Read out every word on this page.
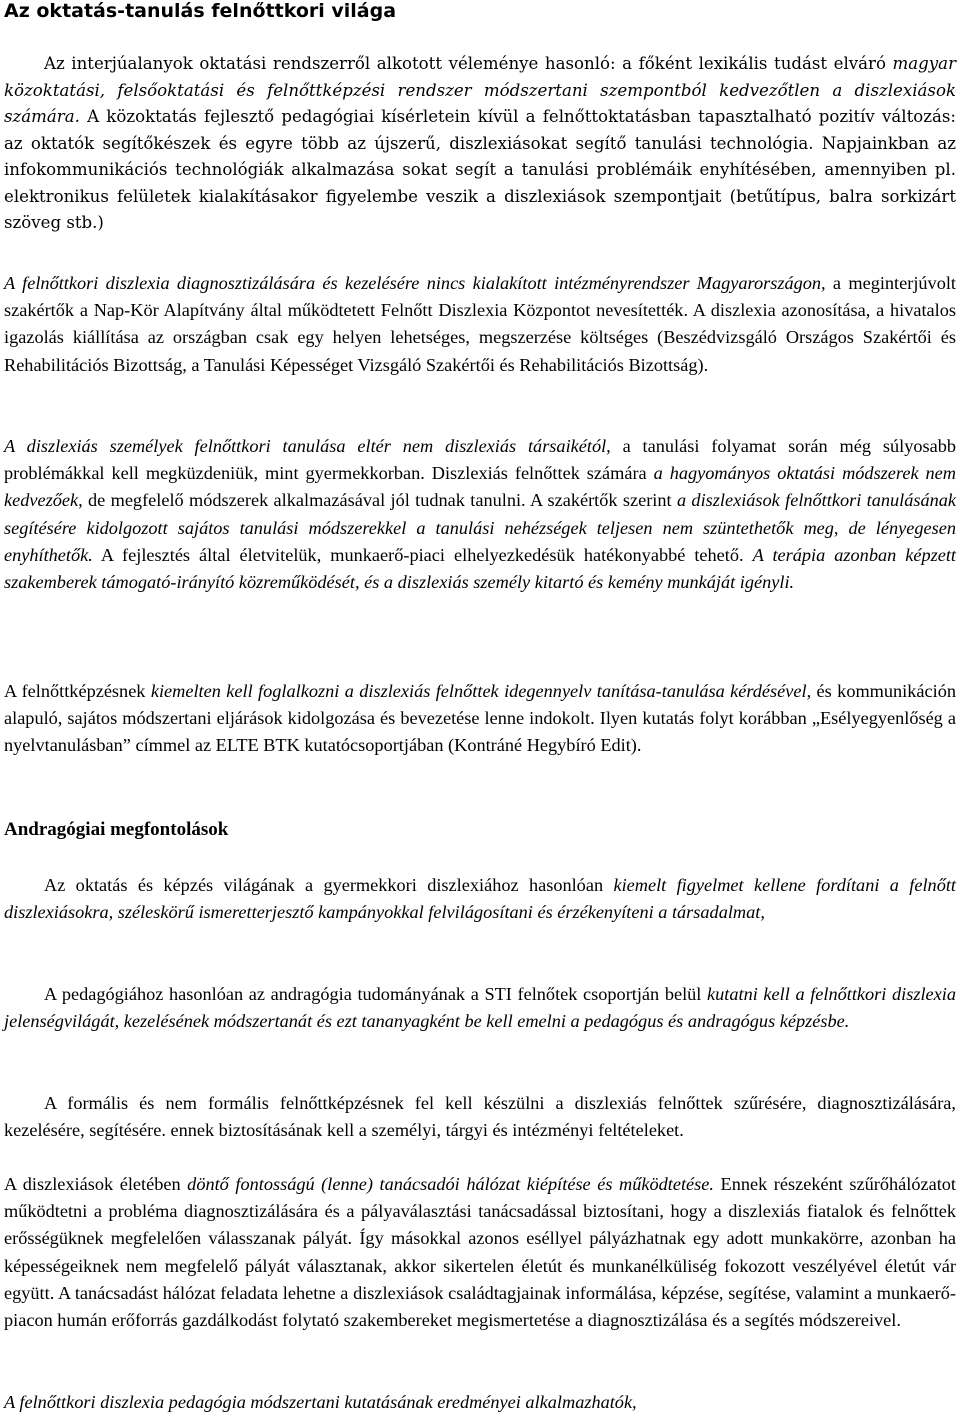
Az oktatás-tanulás felnőttkori világa

Az interjúalanyok oktatási rendszerről alkotott véleménye hasonló: a főként lexikális tudást elváró magyar közoktatási, felsőoktatási és felnőttképzési rendszer módszertani szempontból kedvezőtlen a diszlexiások számára. A közoktatás fejlesztő pedagógiai kísérletein kívül a felnőttoktatásban tapasztalható pozitív változás: az oktatók segítőkészek és egyre több az újszerű, diszlexiásokat segítő tanulási technológia. Napjainkban az infokommunikációs technológiák alkalmazása sokat segít a tanulási problémáik enyhítésében, amennyiben pl. elektronikus felületek kialakításakor figyelembe veszik a diszlexiások szempontjait (betűtípus, balra sorkizárt szöveg stb.)

A felnőttkori diszlexia diagnosztizálására és kezelésére nincs kialakított intézményrendszer Magyarországon, a meginterjúvolt szakértők a Nap-Kör Alapítvány által működtetett Felnőtt Diszlexia Központot nevesítették. A diszlexia azonosítása, a hivatalos igazolás kiállítása az országban csak egy helyen lehetséges, megszerzése költséges (Beszédvizsgáló Országos Szakértői és Rehabilitációs Bizottság, a Tanulási Képességet Vizsgáló Szakértői és Rehabilitációs Bizottság).

A diszlexiás személyek felnőttkori tanulása eltér nem diszlexiás társaikétól, a tanulási folyamat során még súlyosabb problémákkal kell megküzdeniük, mint gyermekkorban. Diszlexiás felnőttek számára a hagyományos oktatási módszerek nem kedvezőek, de megfelelő módszerek alkalmazásával jól tudnak tanulni. A szakértők szerint a diszlexiások felnőttkori tanulásának segítésére kidolgozott sajátos tanulási módszerekkel a tanulási nehézségek teljesen nem szüntethetők meg, de lényegesen enyhíthetők. A fejlesztés által életvitelük, munkaerő-piaci elhelyezkedésük hatékonyabbé tehető. A terápia azonban képzett szakemberek támogató-irányító közreműködését, és a diszlexiás személy kitartó és kemény munkáját igényli.

A felnőttképzésnek kiemelten kell foglalkozni a diszlexiás felnőttek idegennyelv tanítása-tanulása kérdésével, és kommunikáción alapuló, sajátos módszertani eljárások kidolgozása és bevezetése lenne indokolt. Ilyen kutatás folyt korábban „Esélyegyenlőség a nyelvtanulásban” címmel az ELTE BTK kutatócsoportjában (Kontráné Hegybíró Edit).

Andragógiai megfontolások

Az oktatás és képzés világának a gyermekkori diszlexiához hasonlóan kiemelt figyelmet kellene fordítani a felnőtt diszlexiásokra, széleskörű ismeretterjesztő kampányokkal felvilágosítani és érzékenyíteni a társadalmat,

A pedagógiához hasonlóan az andragógia tudományának a STI felnőtek csoportján belül kutatni kell a felnőttkori diszlexia jelenségvilágát, kezelésének módszertanát és ezt tananyagként be kell emelni a pedagógus és andragógus képzésbe.

A formális és nem formális felnőttképzésnek fel kell készülni a diszlexiás felnőttek szűrésére, diagnosztizálására, kezelésére, segítésére. ennek biztosításának kell a személyi, tárgyi és intézményi feltételeket.

A diszlexiások életében döntő fontosságú (lenne) tanácsadói hálózat kiépítése és működtetése. Ennek részeként szűrőhálózatot működtetni a probléma diagnosztizálására és a pályaválasztási tanácsadással biztosítani, hogy a diszlexiás fiatalok és felnőttek erősségüknek megfelelően válasszanak pályát. Így másokkal azonos eséllyel pályázhatnak egy adott munkakörre, azonban ha képességeiknek nem megfelelő pályát választanak, akkor sikertelen életút és munkanélküliség fokozott veszélyével életút vár együtt. A tanácsadást hálózat feladata lehetne a diszlexiások családtagjainak informálása, képzése, segítése, valamint a munkaerő-piacon humán erőforrás gazdálkodást folytató szakembereket megismertetése a diagnosztizálása és a segítés módszereivel.

A felnőttkori diszlexia pedagógia módszertani kutatásának eredményei alkalmazhatók,
